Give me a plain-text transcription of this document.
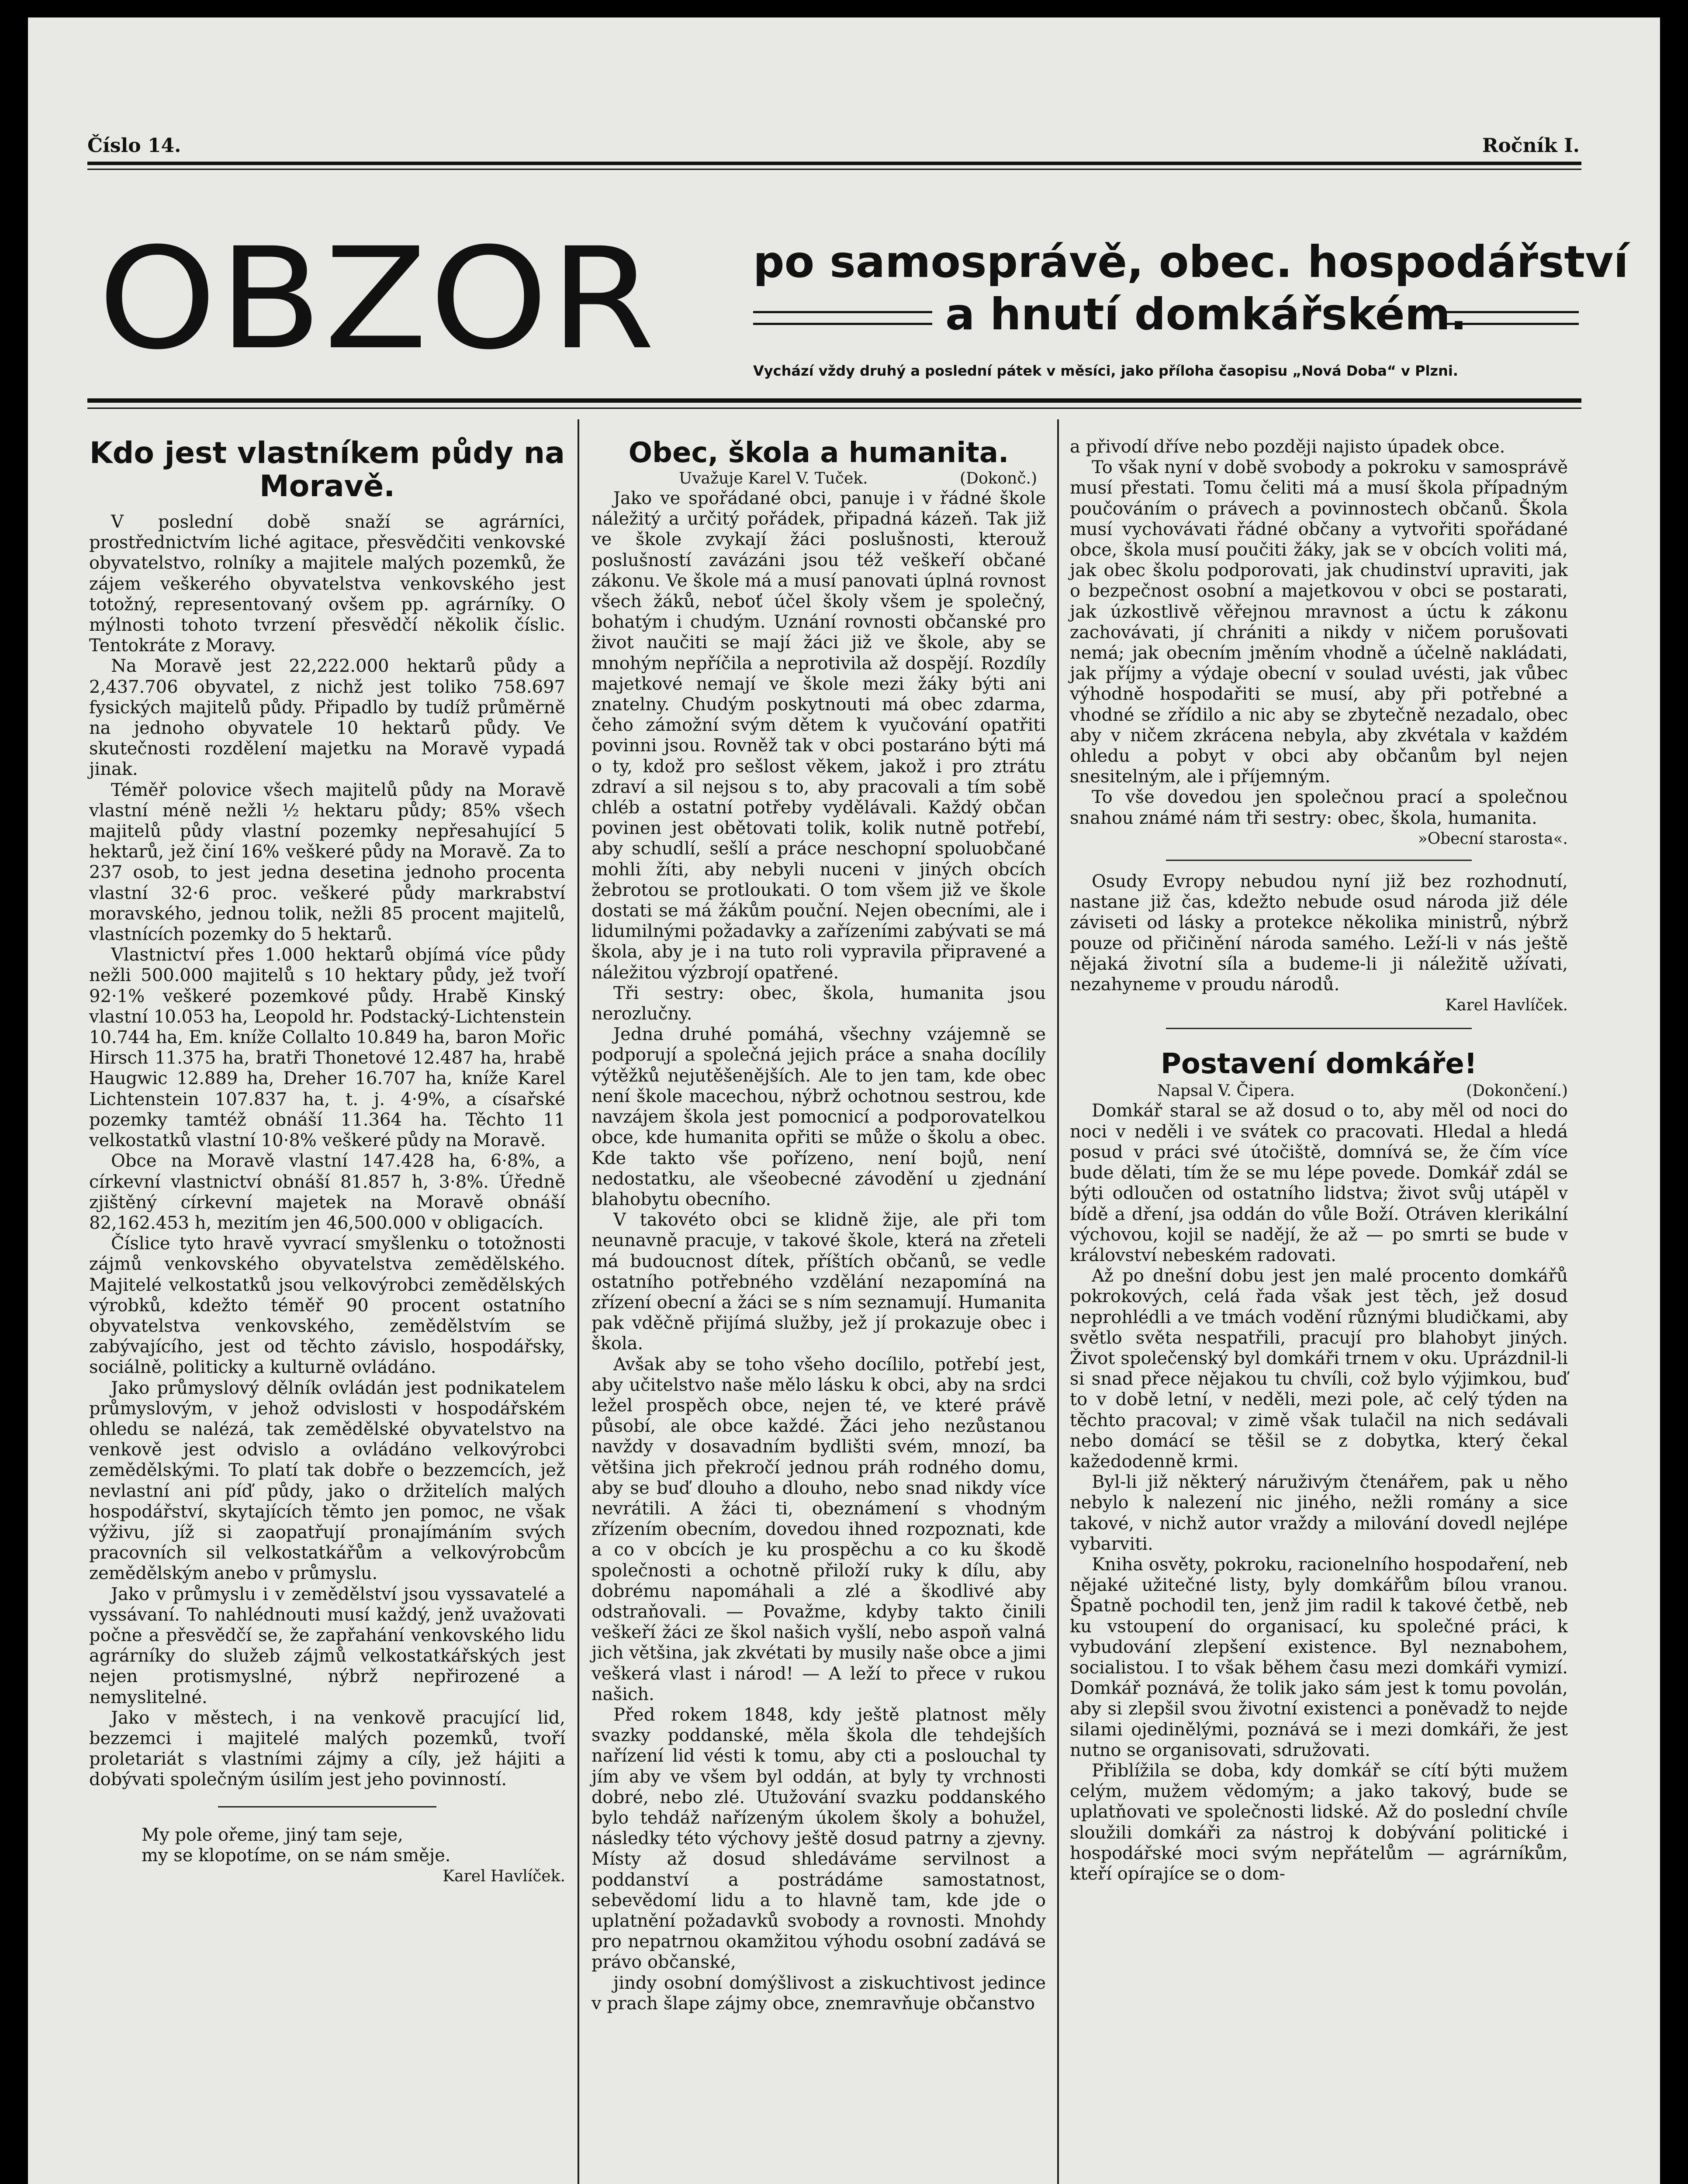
Číslo 14.	Ročník I.
OBZOR po samosprávě, obec. hospodářství
a hnutí domkářském.
Vychází vždy druhý a poslední pátek v měsíci, jako příloha časopisu „Nová Doba“ v Plzni.
Kdo jest vlastníkem půdy na Moravě.

V poslední době snaží se agrárníci, prostřednictvím liché agitace, přesvědčiti venkovské obyvatelstvo, rolníky a majitele malých pozemků, že zájem veškerého obyvatelstva venkovského jest totožný, representovaný ovšem pp. agrárníky. O mýlnosti tohoto tvrzení přesvědčí několik číslic. Tentokráte z Moravy.

Na Moravě jest 22,222.000 hektarů půdy a 2,437.706 obyvatel, z nichž jest toliko 758.697 fysických majitelů půdy. Připadlo by tudíž průměrně na jednoho obyvatele 10 hektarů půdy. Ve skutečnosti rozdělení majetku na Moravě vypadá jinak.

Téměř polovice všech majitelů půdy na Moravě vlastní méně nežli ½ hektaru půdy; 85% všech majitelů půdy vlastní pozemky nepřesahující 5 hektarů, jež činí 16% veškeré půdy na Moravě. Za to 237 osob, to jest jedna desetina jednoho procenta vlastní 32·6 proc. veškeré půdy markrabství moravského, jednou tolik, nežli 85 procent majitelů, vlastnících pozemky do 5 hektarů.

Vlastnictví přes 1.000 hektarů objímá více půdy nežli 500.000 majitelů s 10 hektary půdy, jež tvoří 92·1% veškeré pozemkové půdy. Hrabě Kinský vlastní 10.053 ha, Leopold hr. Podstacký-Lichtenstein 10.744 ha, Em. kníže Collalto 10.849 ha, baron Mořic Hirsch 11.375 ha, bratři Thonetové 12.487 ha, hrabě Haugwic 12.889 ha, Dreher 16.707 ha, kníže Karel Lichtenstein 107.837 ha, t. j. 4·9%, a císařské pozemky tamtéž obnáší 11.364 ha. Těchto 11 velkostatků vlastní 10·8% veškeré půdy na Moravě.

Obce na Moravě vlastní 147.428 ha, 6·8%, a církevní vlastnictví obnáší 81.857 h, 3·8%. Úředně zjištěný církevní majetek na Moravě obnáší 82,162.453 h, mezitím jen 46,500.000 v obligacích.

Číslice tyto hravě vyvrací smyšlenku o totožnosti zájmů venkovského obyvatelstva zemědělského. Majitelé velkostatků jsou velkovýrobci zemědělských výrobků, kdežto téměř 90 procent ostatního obyvatelstva venkovského, zemědělstvím se zabývajícího, jest od těchto závislo, hospodářsky, sociálně, politicky a kulturně ovládáno.

Jako průmyslový dělník ovládán jest podnikatelem průmyslovým, v jehož odvislosti v hospodářském ohledu se nalézá, tak zemědělské obyvatelstvo na venkově jest odvislo a ovládáno velkovýrobci zemědělskými. To platí tak dobře o bezzemcích, jež nevlastní ani píď půdy, jako o držitelích malých hospodářství, skytajících těmto jen pomoc, ne však výživu, jíž si zaopatřují pronajímáním svých pracovních sil velkostatkářům a velkovýrobcům zemědělským anebo v průmyslu.

Jako v průmyslu i v zemědělství jsou vyssavatelé a vyssávaní. To nahlédnouti musí každý, jenž uvažovati počne a přesvědčí se, že zapřahání venkovského lidu agrárníky do služeb zájmů velkostatkářských jest nejen protismyslné, nýbrž nepřirozené a nemyslitelné.

Jako v městech, i na venkově pracující lid, bezzemci i majitelé malých pozemků, tvoří proletariát s vlastními zájmy a cíly, jež hájiti a dobývati společným úsilím jest jeho povinností.

My pole ořeme, jiný tam seje,
my se klopotíme, on se nám směje.
Karel Havlíček.
Obec, škola a humanita.
Uvažuje Karel V. Tuček.	(Dokonč.)

Jako ve spořádané obci, panuje i v řádné škole náležitý a určitý pořádek, připadná kázeň. Tak již ve škole zvykají žáci poslušnosti, kterouž poslušností zavázáni jsou též veškeří občané zákonu. Ve škole má a musí panovati úplná rovnost všech žáků, neboť účel školy všem je společný, bohatým i chudým. Uznání rovnosti občanské pro život naučiti se mají žáci již ve škole, aby se mnohým nepříčila a neprotivila až dospějí. Rozdíly majetkové nemají ve škole mezi žáky býti ani znatelny. Chudým poskytnouti má obec zdarma, čeho zámožní svým dětem k vyučování opatřiti povinni jsou. Rovněž tak v obci postaráno býti má o ty, kdož pro sešlost věkem, jakož i pro ztrátu zdraví a sil nejsou s to, aby pracovali a tím sobě chléb a ostatní potřeby vydělávali. Každý občan povinen jest obětovati tolik, kolik nutně potřebí, aby schudlí, sešlí a práce neschopní spoluobčané mohli žíti, aby nebyli nuceni v jiných obcích žebrotou se protloukati. O tom všem již ve škole dostati se má žákům pouční. Nejen obecními, ale i lidumilnými požadavky a zařízeními zabývati se má škola, aby je i na tuto roli vypravila připravené a náležitou výzbrojí opatřené.

Tři sestry: obec, škola, humanita jsou nerozlučny.

Jedna druhé pomáhá, všechny vzájemně se podporují a společná jejich práce a snaha docílily výtěžků nejutěšenějších. Ale to jen tam, kde obec není škole macechou, nýbrž ochotnou sestrou, kde navzájem škola jest pomocnicí a podporovatelkou obce, kde humanita opřiti se může o školu a obec. Kde takto vše pořízeno, není bojů, není nedostatku, ale všeobecné závodění u zjednání blahobytu obecního.

V takovéto obci se klidně žije, ale při tom neunavně pracuje, v takové škole, která na zřeteli má budoucnost dítek, příštích občanů, se vedle ostatního potřebného vzdělání nezapomíná na zřízení obecní a žáci se s ním seznamují. Humanita pak vděčně přijímá služby, jež jí prokazuje obec i škola.

Avšak aby se toho všeho docílilo, potřebí jest, aby učitelstvo naše mělo lásku k obci, aby na srdci ležel prospěch obce, nejen té, ve které právě působí, ale obce každé. Žáci jeho nezůstanou navždy v dosavadním bydlišti svém, mnozí, ba většina jich překročí jednou práh rodného domu, aby se buď dlouho a dlouho, nebo snad nikdy více nevrátili. A žáci ti, obeznámení s vhodným zřízením obecním, dovedou ihned rozpoznati, kde a co v obcích je ku prospěchu a co ku škodě společnosti a ochotně přiloží ruky k dílu, aby dobrému napomáhali a zlé a škodlivé aby odstraňovali. — Považme, kdyby takto činili veškeří žáci ze škol našich vyšlí, nebo aspoň valná jich většina, jak zkvétati by musily naše obce a jimi veškerá vlast i národ! — A leží to přece v rukou našich.

Před rokem 1848, kdy ještě platnost měly svazky poddanské, měla škola dle tehdejších nařízení lid vésti k tomu, aby cti a poslouchal ty jím aby ve všem byl oddán, at byly ty vrchnosti dobré, nebo zlé. Utužování svazku poddanského bylo tehdáž nařízeným úkolem školy a bohužel, následky této výchovy ještě dosud patrny a zjevny. Místy až dosud shledáváme servilnost a poddanství a postrádáme samostatnost, sebevědomí lidu a to hlavně tam, kde jde o uplatnění požadavků svobody a rovnosti. Mnohdy pro nepatrnou okamžitou výhodu osobní zadává se právo občanské,

jindy osobní domýšlivost a ziskuchtivost jedince v prach šlape zájmy obce, znemravňuje občanstvo

a přivodí dříve nebo později najisto úpadek obce.

To však nyní v době svobody a pokroku v samosprávě musí přestati. Tomu čeliti má a musí škola případným poučováním o právech a povinnostech občanů. Škola musí vychovávati řádné občany a vytvořiti spořádané obce, škola musí poučiti žáky, jak se v obcích voliti má, jak obec školu podporovati, jak chudinství upraviti, jak o bezpečnost osobní a majetkovou v obci se postarati, jak úzkostlivě věřejnou mravnost a úctu k zákonu zachovávati, jí chrániti a nikdy v ničem porušovati nemá; jak obecním jměním vhodně a účelně nakládati, jak příjmy a výdaje obecní v soulad uvésti, jak vůbec výhodně hospodařiti se musí, aby při potřebné a vhodné se zřídilo a nic aby se zbytečně nezadalo, obec aby v ničem zkrácena nebyla, aby zkvétala v každém ohledu a pobyt v obci aby občanům byl nejen snesitelným, ale i příjemným.

To vše dovedou jen společnou prací a společnou snahou známé nám tři sestry: obec, škola, humanita.

»Obecní starosta«.

Osudy Evropy nebudou nyní již bez rozhodnutí, nastane již čas, kdežto nebude osud národa již déle záviseti od lásky a protekce několika ministrů, nýbrž pouze od přičinění národa samého. Leží-li v nás ještě nějaká životní síla a budeme-li ji náležitě užívati, nezahyneme v proudu národů.

Karel Havlíček.
Postavení domkáře!
Napsal V. Čipera.	(Dokončení.)

Domkář staral se až dosud o to, aby měl od noci do noci v neděli i ve svátek co pracovati. Hledal a hledá posud v práci své útočiště, domnívá se, že čím více bude dělati, tím že se mu lépe povede. Domkář zdál se býti odloučen od ostatního lidstva; život svůj utápěl v bídě a dření, jsa oddán do vůle Boží. Otráven klerikální výchovou, kojil se nadějí, že až — po smrti se bude v království nebeském radovati.

Až po dnešní dobu jest jen malé procento domkářů pokrokových, celá řada však jest těch, jež dosud neprohlédli a ve tmách vodění různými bludičkami, aby světlo světa nespatřili, pracují pro blahobyt jiných. Život společenský byl domkáři trnem v oku. Uprázdnil-li si snad přece nějakou tu chvíli, což bylo výjimkou, buď to v době letní, v neděli, mezi pole, ač celý týden na těchto pracoval; v zimě však tulačil na nich sedávali nebo domácí se těšil se z dobytka, který čekal kažedodenně krmi.

Byl-li již některý náruživým čtenářem, pak u něho nebylo k nalezení nic jiného, nežli romány a sice takové, v nichž autor vraždy a milování dovedl nejlépe vybarviti.

Kniha osvěty, pokroku, racionelního hospodaření, neb nějaké užitečné listy, byly domkářům bílou vranou. Špatně pochodil ten, jenž jim radil k takové četbě, neb ku vstoupení do organisací, ku společné práci, k vybudování zlepšení existence. Byl neznabohem, socialistou. I to však během času mezi domkáři vymizí. Domkář poznává, že tolik jako sám jest k tomu povolán, aby si zlepšil svou životní existenci a poněvadž to nejde silami ojedinělými, poznává se i mezi domkáři, že jest nutno se organisovati, sdružovati.

Přiblížila se doba, kdy domkář se cítí býti mužem celým, mužem vědomým; a jako takový, bude se uplatňovati ve společnosti lidské. Až do poslední chvíle sloužili domkáři za nástroj k dobývání politické i hospodářské moci svým nepřátelům — agrárníkům, kteří opírajíce se o dom-
